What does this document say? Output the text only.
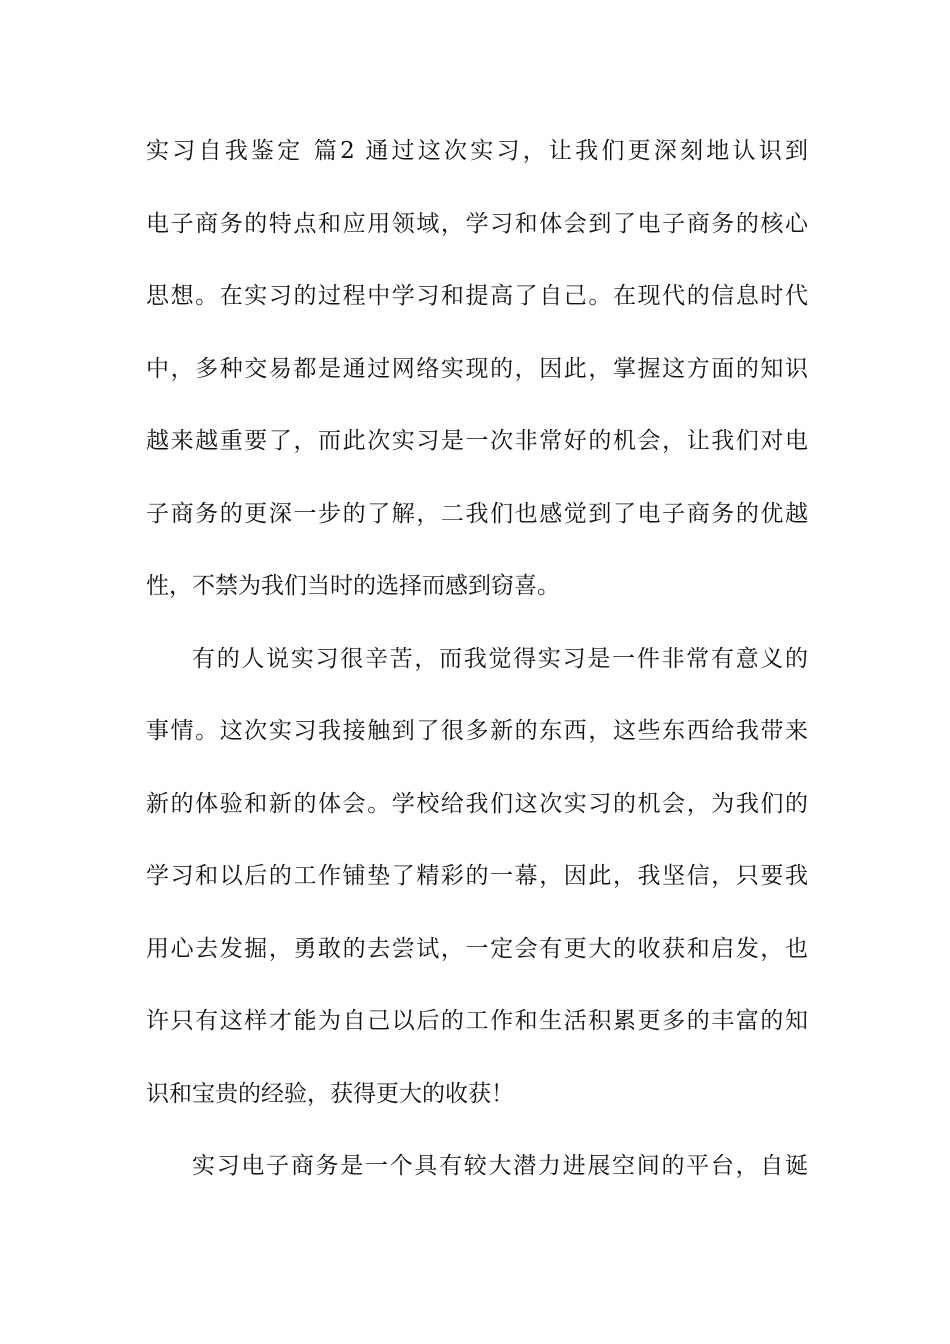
实习自我鉴定 篇2 通过这次实习，让我们更深刻地认识到
电子商务的特点和应用领域，学习和体会到了电子商务的核心
思想。在实习的过程中学习和提高了自己。在现代的信息时代
中，多种交易都是通过网络实现的，因此，掌握这方面的知识
越来越重要了，而此次实习是一次非常好的机会，让我们对电
子商务的更深一步的了解，二我们也感觉到了电子商务的优越
性，不禁为我们当时的选择而感到窃喜。
有的人说实习很辛苦，而我觉得实习是一件非常有意义的
事情。这次实习我接触到了很多新的东西，这些东西给我带来
新的体验和新的体会。学校给我们这次实习的机会，为我们的
学习和以后的工作铺垫了精彩的一幕，因此，我坚信，只要我
用心去发掘，勇敢的去尝试，一定会有更大的收获和启发，也
许只有这样才能为自己以后的工作和生活积累更多的丰富的知
识和宝贵的经验，获得更大的收获！
实习电子商务是一个具有较大潜力进展空间的平台，自诞
